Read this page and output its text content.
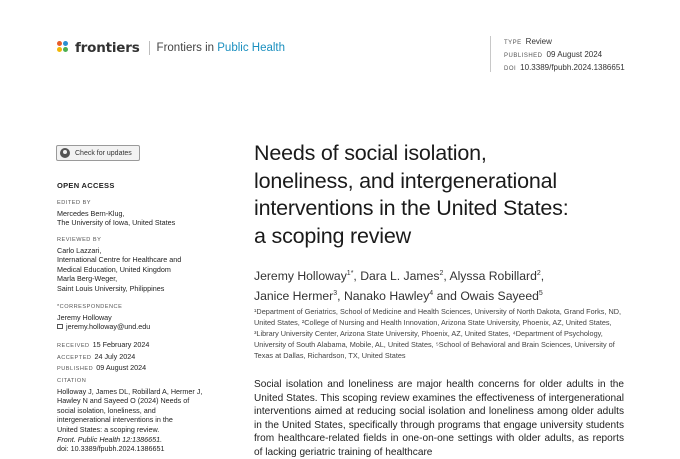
frontiers Frontiers in Public Health	TYPE Review
PUBLISHED 09 August 2024
DOI 10.3389/fpubh.2024.1386651
Check for updates
OPEN ACCESS
EDITED BY
Mercedes Bern-Klug,
The University of Iowa, United States
REVIEWED BY
Carlo Lazzari,
International Centre for Healthcare and
Medical Education, United Kingdom
Marla Berg-Weger,
Saint Louis University, Philippines
*CORRESPONDENCE
Jeremy Holloway
jeremy.holloway@und.edu
RECEIVED 15 February 2024
ACCEPTED 24 July 2024
PUBLISHED 09 August 2024
CITATION
Holloway J, James DL, Robillard A, Hermer J,
Hawley N and Sayeed O (2024) Needs of
social isolation, loneliness, and
intergenerational interventions in the
United States: a scoping review.
Front. Public Health 12:1386651.
doi: 10.3389/fpubh.2024.1386651
Needs of social isolation,
loneliness, and intergenerational
interventions in the United States:
a scoping review
Jeremy Holloway$^{1*}$, Dara L. James$^2$, Alyssa Robillard$^2$,
Janice Hermer$^3$, Nanako Hawley$^4$ and Owais Sayeed$^5$
¹Department of Geriatrics, School of Medicine and Health Sciences, University of North Dakota, Grand Forks, ND, United States, ²College of Nursing and Health Innovation, Arizona State University, Phoenix, AZ, United States, ³Library University Center, Arizona State University, Phoenix, AZ, United States, ⁴Department of Psychology, University of South Alabama, Mobile, AL, United States, ⁵School of Behavioral and Brain Sciences, University of Texas at Dallas, Richardson, TX, United States
Social isolation and loneliness are major health concerns for older adults in the United States. This scoping review examines the effectiveness of intergenerational interventions aimed at reducing social isolation and loneliness among older adults in the United States, specifically through programs that engage university students from healthcare-related fields in one-on-one settings with older adults, as reports of lacking geriatric training of healthcare
